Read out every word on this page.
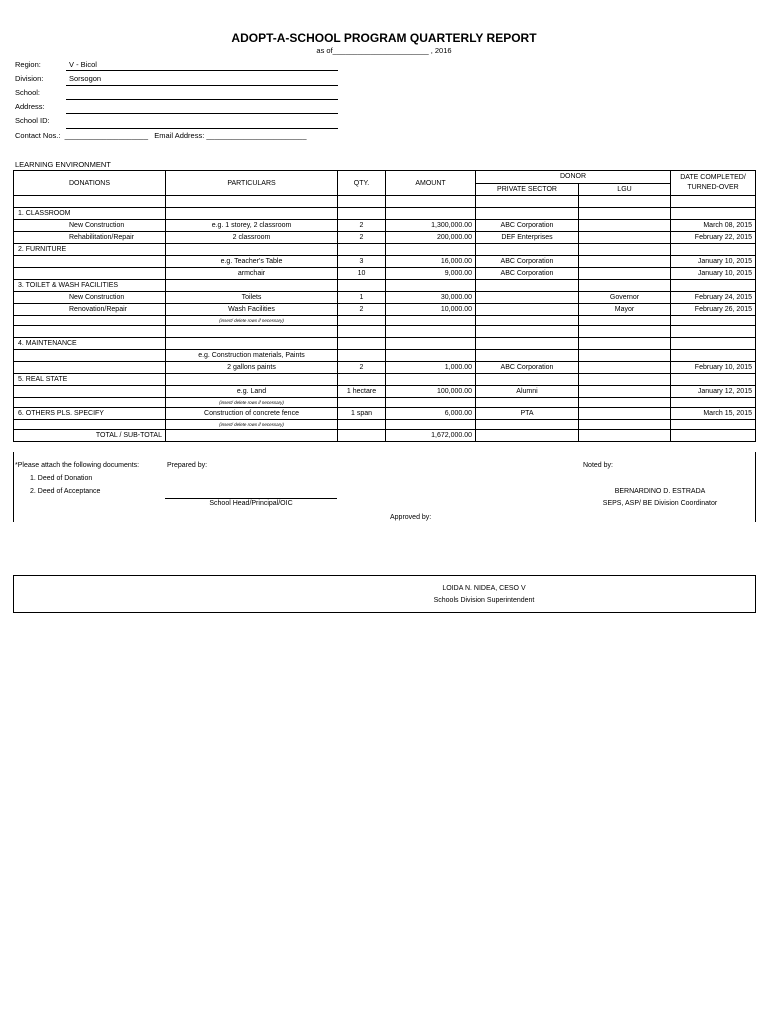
ADOPT-A-SCHOOL PROGRAM QUARTERLY REPORT
as of_______________________ , 2016
Region:	V - Bicol
Division:	Sorsogon
School:
Address:
School ID:
Contact Nos.:  ____________________   Email Address: ________________________
LEARNING ENVIRONMENT
DONATIONS	PARTICULARS	QTY.	AMOUNT	DONOR		DATE COMPLETED/
TURNED-OVER

				PRIVATE SECTOR	LGU	

1. CLASSROOM						
New Construction	e.g. 1 storey, 2 classroom	2	1,300,000.00	ABC Corporation		March 08, 2015
Rehabilitation/Repair	2 classroom	2	200,000.00	DEF Enterprises		February 22, 2015
2. FURNITURE						
	e.g. Teacher's Table	3	16,000.00	ABC Corporation		January 10, 2015
	armchair	10	9,000.00	ABC Corporation		January 10, 2015
3. TOILET & WASH FACILITIES						
New Construction	Toilets	1	30,000.00		Governor	February 24, 2015
Renovation/Repair	Wash Facilities	2	10,000.00		Mayor	February 26, 2015
	(insert/ delete rows if necessary)					

4. MAINTENANCE						
	e.g. Construction materials, Paints					
	2 gallons paints	2	1,000.00	ABC Corporation		February 10, 2015
5. REAL STATE						
	e.g. Land	1 hectare	100,000.00	Alumni		January 12, 2015
	(insert/ delete rows if necessary)					
6. OTHERS PLS. SPECIFY	Construction of concrete fence	1 span	6,000.00	PTA		March 15, 2015
	(insert/ delete rows if necessary)					
TOTAL / SUB-TOTAL			1,672,000.00			
*Please attach the following documents:
1. Deed of Donation
2. Deed of Acceptance
Prepared by:
School Head/Principal/OIC
Noted by:
BERNARDINO D. ESTRADA
SEPS, ASP/ BE Division Coordinator
Approved by:
LOIDA N. NIDEA, CESO V
Schools Division Superintendent
